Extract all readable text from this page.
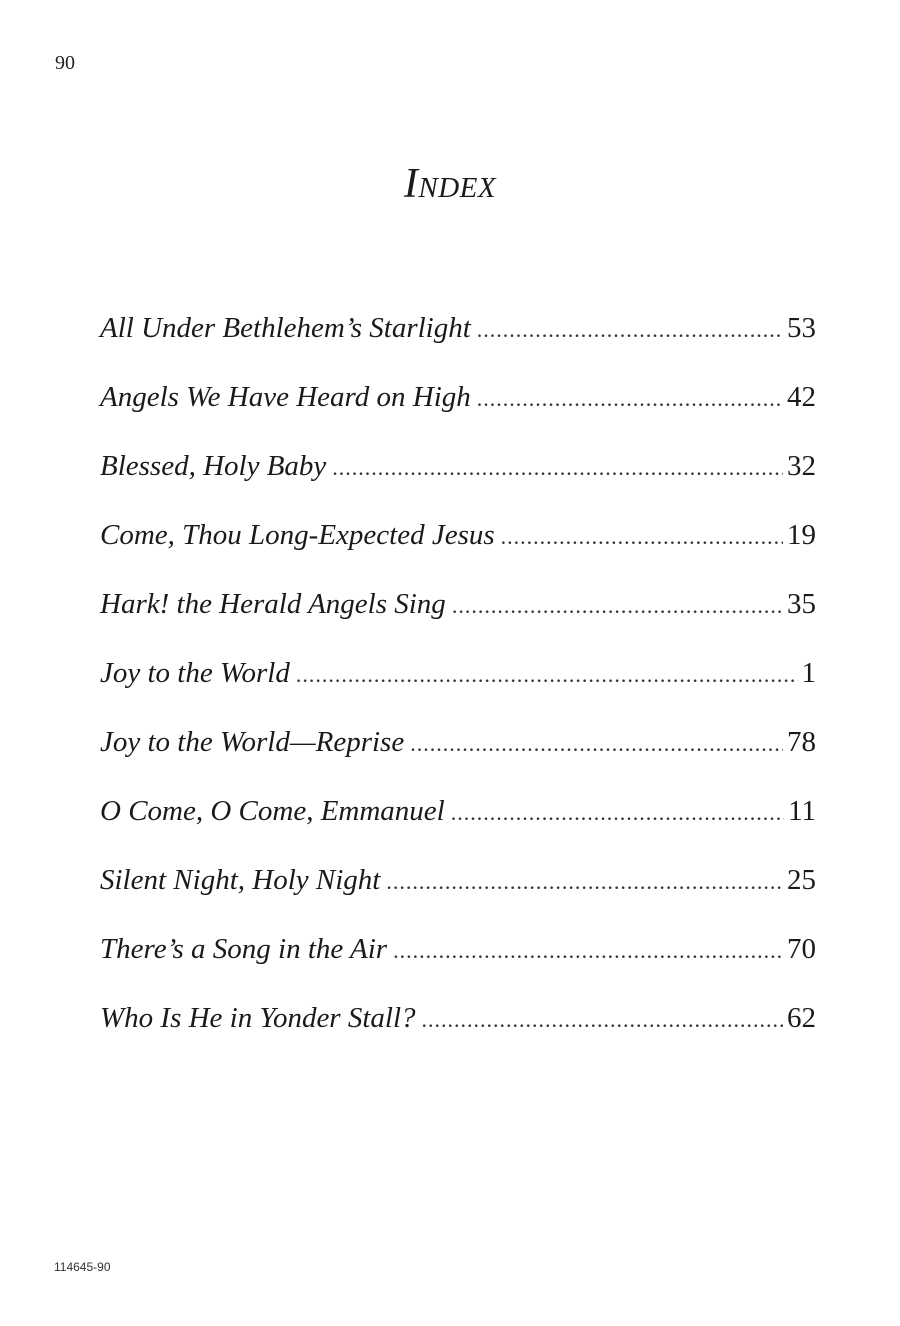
90
Index
All Under Bethlehem’s Starlight .....	53
Angels We Have Heard on High .....	42
Blessed, Holy Baby .....	32
Come, Thou Long-Expected Jesus .....	19
Hark! the Herald Angels Sing .....	35
Joy to the World .....	1
Joy to the World—Reprise .....	78
O Come, O Come, Emmanuel .....	11
Silent Night, Holy Night .....	25
There’s a Song in the Air .....	70
Who Is He in Yonder Stall? .....	62
114645-90
